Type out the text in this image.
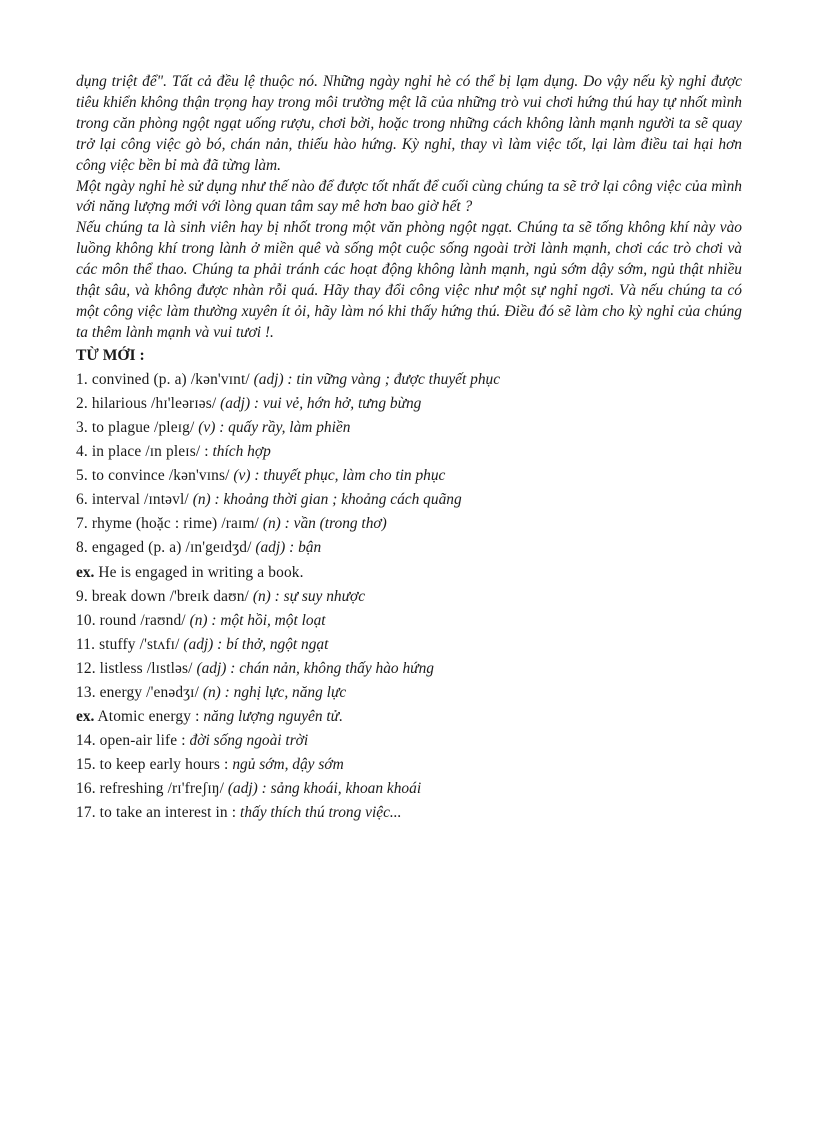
dụng triệt để". Tất cả đều lệ thuộc nó. Những ngày nghỉ hè có thể bị lạm dụng. Do vậy nếu kỳ nghỉ được tiêu khiển không thận trọng hay trong môi trường mệt lã của những trò vui chơi hứng thú hay tự nhốt mình trong căn phòng ngột ngạt uống rượu, chơi bời, hoặc trong những cách không lành mạnh người ta sẽ quay trở lại công việc gò bó, chán nản, thiếu hào hứng. Kỳ nghỉ, thay vì làm việc tốt, lại làm điều tai hại hơn công việc bền bỉ mà đã từng làm.

Một ngày nghỉ hè sử dụng như thế nào để được tốt nhất để cuối cùng chúng ta sẽ trở lại công việc của mình với năng lượng mới với lòng quan tâm say mê hơn bao giờ hết ?

Nếu chúng ta là sinh viên hay bị nhốt trong một văn phòng ngột ngạt. Chúng ta sẽ tống không khí này vào luồng không khí trong lành ở miền quê và sống một cuộc sống ngoài trời lành mạnh, chơi các trò chơi và các môn thể thao. Chúng ta phải tránh các hoạt động không lành mạnh, ngủ sớm dậy sớm, ngủ thật nhiều thật sâu, và không được nhàn rỗi quá. Hãy thay đổi công việc như một sự nghỉ ngơi. Và nếu chúng ta có một công việc làm thường xuyên ít ỏi, hãy làm nó khi thấy hứng thú. Điều đó sẽ làm cho kỳ nghỉ của chúng ta thêm lành mạnh và vui tươi !.

TỪ MỚI :

1. convined (p. a) /kən'vɪnt/ (adj) : tin vững vàng ; được thuyết phục
2. hilarious /hɪ'leərɪəs/ (adj) : vui vẻ, hớn hở, tưng bừng
3. to plague /pleɪg/ (v) : quấy rầy, làm phiền
4. in place /ɪn pleɪs/ : thích hợp
5. to convince /kən'vɪns/ (v) : thuyết phục, làm cho tin phục
6. interval /ɪntəvl/ (n) : khoảng thời gian ; khoảng cách quãng
7. rhyme (hoặc : rime) /raɪm/ (n) : vần (trong thơ)
8. engaged (p. a) /ɪn'geɪdʒd/ (adj) : bận
ex. He is engaged in writing a book.
9. break down /'breɪk daʊn/ (n) : sự suy nhược
10. round /raʊnd/ (n) : một hồi, một loạt
11. stuffy /'stʌfɪ/ (adj) : bí thở, ngột ngạt
12. listless /lɪstləs/ (adj) : chán nản, không thấy hào hứng
13. energy /'enədʒɪ/ (n) : nghị lực, năng lực
ex. Atomic energy : năng lượng nguyên tử.
14. open-air life : đời sống ngoài trời
15. to keep early hours : ngủ sớm, dậy sớm
16. refreshing /rɪ'freʃɪŋ/ (adj) : sảng khoái, khoan khoái
17. to take an interest in : thấy thích thú trong việc...
